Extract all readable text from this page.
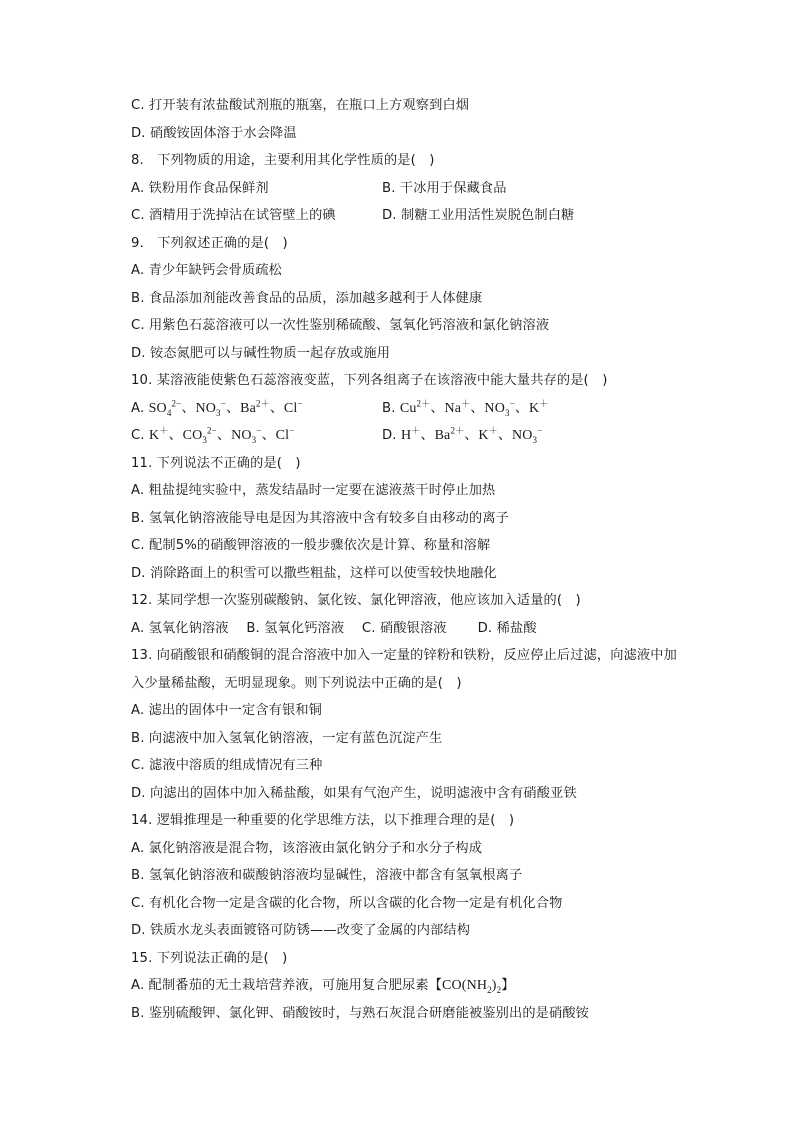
C. 打开装有浓盐酸试剂瓶的瓶塞，在瓶口上方观察到白烟
D. 硝酸铵固体溶于水会降温
8.　下列物质的用途，主要利用其化学性质的是(　)
A. 铁粉用作食品保鲜剂	B. 干冰用于保藏食品
C. 酒精用于洗掉沾在试管壁上的碘	D. 制糖工业用活性炭脱色制白糖
9.　下列叙述正确的是(　)
A. 青少年缺钙会骨质疏松
B. 食品添加剂能改善食品的品质，添加越多越利于人体健康
C. 用紫色石蕊溶液可以一次性鉴别稀硫酸、氢氧化钙溶液和氯化钠溶液
D. 铵态氮肥可以与碱性物质一起存放或施用
10. 某溶液能使紫色石蕊溶液变蓝，下列各组离子在该溶液中能大量共存的是(　)
A. $SO_4^{2-}$、$NO_3^-$、$Ba^{2+}$、Cl−	B. $Cu^{2+}$、Na＋、$NO_3^-$、K＋
C. K＋、$CO_3^{2-}$、$NO_3^-$、Cl−	D. H＋、$Ba^{2+}$、K＋、$NO_3^-$
11. 下列说法不正确的是(　)
A. 粗盐提纯实验中，蒸发结晶时一定要在滤液蒸干时停止加热
B. 氢氧化钠溶液能导电是因为其溶液中含有较多自由移动的离子
C. 配制5%的硝酸钾溶液的一般步骤依次是计算、称量和溶解
D. 消除路面上的积雪可以撒些粗盐，这样可以使雪较快地融化
12. 某同学想一次鉴别碳酸钠、氯化铵、氯化钾溶液，他应该加入适量的(　)
A. 氢氧化钠溶液　 B. 氢氧化钙溶液　 C. 硝酸银溶液　　 D. 稀盐酸
13. 向硝酸银和硝酸铜的混合溶液中加入一定量的锌粉和铁粉，反应停止后过滤，向滤液中加
入少量稀盐酸，无明显现象。则下列说法中正确的是(　)
A. 滤出的固体中一定含有银和铜
B. 向滤液中加入氢氧化钠溶液，一定有蓝色沉淀产生
C. 滤液中溶质的组成情况有三种
D. 向滤出的固体中加入稀盐酸，如果有气泡产生，说明滤液中含有硝酸亚铁
14. 逻辑推理是一种重要的化学思维方法，以下推理合理的是(　)
A. 氯化钠溶液是混合物，该溶液由氯化钠分子和水分子构成
B. 氢氧化钠溶液和碳酸钠溶液均显碱性，溶液中都含有氢氧根离子
C. 有机化合物一定是含碳的化合物，所以含碳的化合物一定是有机化合物
D. 铁质水龙头表面镀铬可防锈——改变了金属的内部结构
15. 下列说法正确的是(　)
A. 配制番茄的无土栽培营养液，可施用复合肥尿素【$CO(NH_2)_2$】
B. 鉴别硫酸钾、氯化钾、硝酸铵时，与熟石灰混合研磨能被鉴别出的是硝酸铵
